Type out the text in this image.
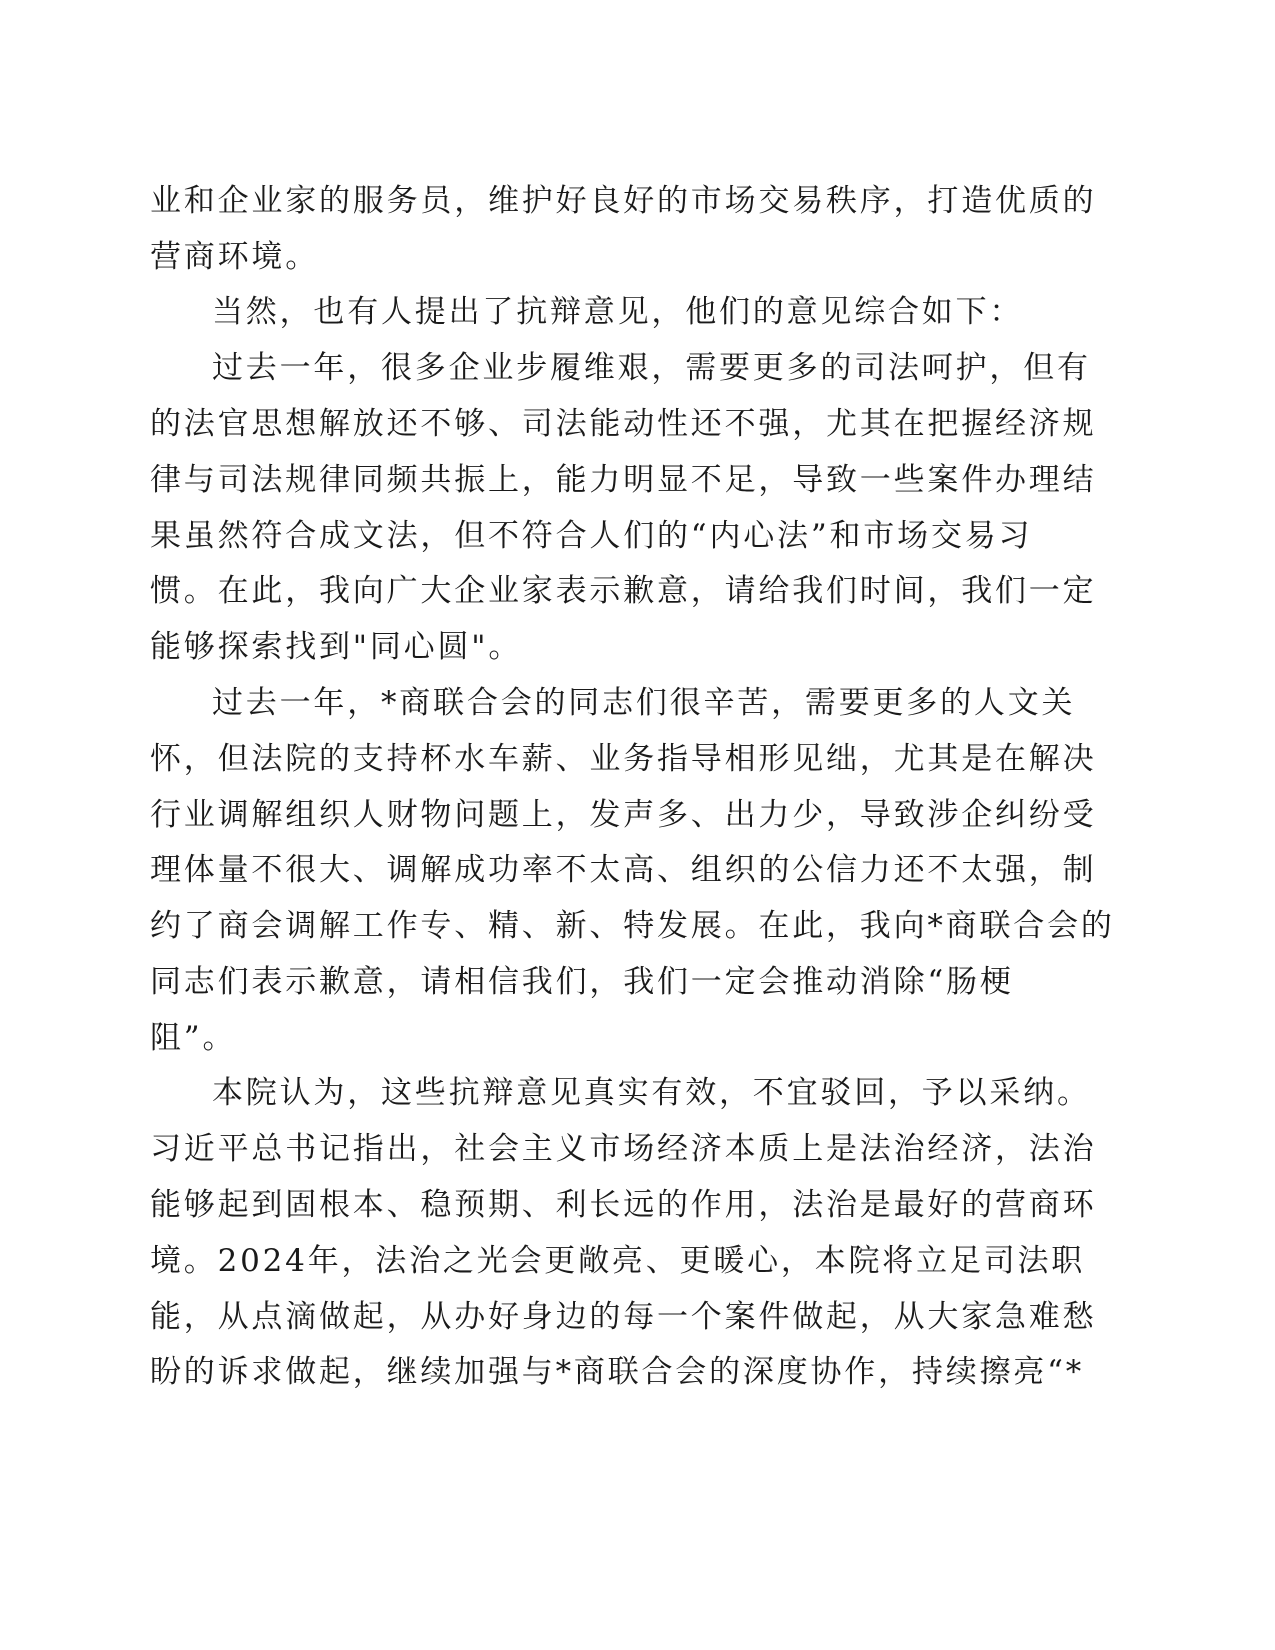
业和企业家的服务员，维护好良好的市场交易秩序，打造优质的
营商环境。
当然，也有人提出了抗辩意见，他们的意见综合如下：
过去一年，很多企业步履维艰，需要更多的司法呵护，但有
的法官思想解放还不够、司法能动性还不强，尤其在把握经济规
律与司法规律同频共振上，能力明显不足，导致一些案件办理结
果虽然符合成文法，但不符合人们的“内心法”和市场交易习
惯。在此，我向广大企业家表示歉意，请给我们时间，我们一定
能够探索找到"同心圆"。
过去一年，*商联合会的同志们很辛苦，需要更多的人文关
怀，但法院的支持杯水车薪、业务指导相形见绌，尤其是在解决
行业调解组织人财物问题上，发声多、出力少，导致涉企纠纷受
理体量不很大、调解成功率不太高、组织的公信力还不太强，制
约了商会调解工作专、精、新、特发展。在此，我向*商联合会的
同志们表示歉意，请相信我们，我们一定会推动消除“肠梗
阻”。
本院认为，这些抗辩意见真实有效，不宜驳回，予以采纳。
习近平总书记指出，社会主义市场经济本质上是法治经济，法治
能够起到固根本、稳预期、利长远的作用，法治是最好的营商环
境。2024年，法治之光会更敞亮、更暖心，本院将立足司法职
能，从点滴做起，从办好身边的每一个案件做起，从大家急难愁
盼的诉求做起，继续加强与*商联合会的深度协作，持续擦亮“*
